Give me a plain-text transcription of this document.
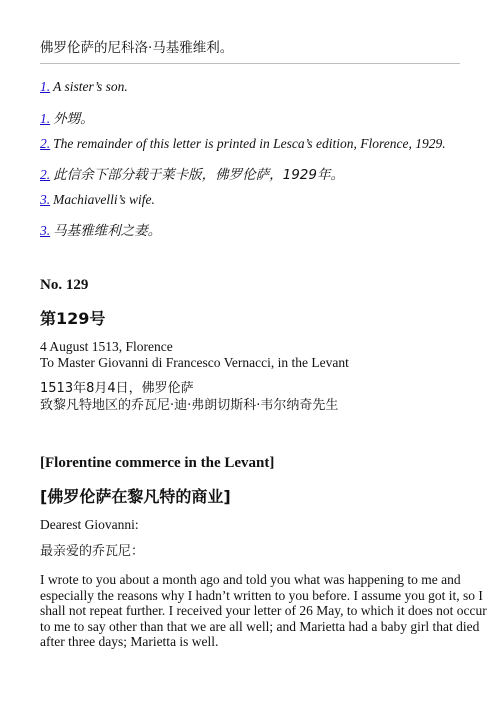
佛罗伦萨的尼科洛·马基雅维利。
1. A sister’s son.
1. 外甥。
2. The remainder of this letter is printed in Lesca’s edition, Florence, 1929.
2. 此信余下部分载于莱卡版，佛罗伦萨，1929年。
3. Machiavelli’s wife.
3. 马基雅维利之妻。
No. 129
第129号
4 August 1513, Florence
To Master Giovanni di Francesco Vernacci, in the Levant
1513年8月4日，佛罗伦萨
致黎凡特地区的乔瓦尼·迪·弗朗切斯科·韦尔纳奇先生
[Florentine commerce in the Levant]
[佛罗伦萨在黎凡特的商业]
Dearest Giovanni:
最亲爱的乔瓦尼：
I wrote to you about a month ago and told you what was happening to me and
especially the reasons why I hadn’t written to you before. I assume you got it, so I
shall not repeat further. I received your letter of 26 May, to which it does not occur
to me to say other than that we are all well; and Marietta had a baby girl that died
after three days; Marietta is well.
